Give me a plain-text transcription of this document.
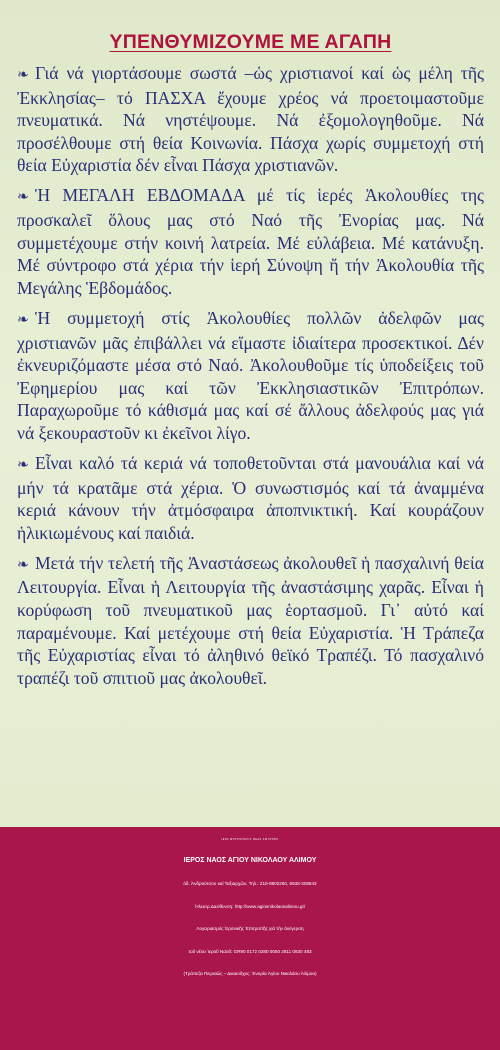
ΥΠΕΝΘΥΜΙΖΟΥΜΕ ΜΕ ΑΓΑΠΗ

❧ Γιά νά γιορτάσουμε σωστά –ὡς χριστιανοί καί ὡς μέλη τῆς Ἐκκλησίας– τό ΠΑΣΧΑ ἔχουμε χρέος νά προετοιμαστοῦμε πνευματικά. Νά νηστέψουμε. Νά ἐξομολογηθοῦμε. Νά προσέλθουμε στή θεία Κοινωνία. Πάσχα χωρίς συμμετοχή στή θεία Εὐχαριστία δέν εἶναι Πάσχα χριστιανῶν.

❧ Ἡ ΜΕΓΑΛΗ ΕΒΔΟΜΑΔΑ μέ τίς ἱερές Ἀκολουθίες της προσκαλεῖ ὅλους μας στό Ναό τῆς Ἐνορίας μας. Νά συμμετέχουμε στήν κοινή λατρεία. Μέ εὐλάβεια. Μέ κατάνυξη. Μέ σύντροφο στά χέρια τήν ἱερή Σύνοψη ἤ τήν Ἀκολουθία τῆς Μεγάλης Ἑβδομάδος.

❧ Ἡ συμμετοχή στίς Ἀκολουθίες πολλῶν ἀδελφῶν μας χριστιανῶν μᾶς ἐπιβάλλει νά εἴμαστε ἰδιαίτερα προσεκτικοί. Δέν ἐκνευριζόμαστε μέσα στό Ναό. Ἀκολουθοῦμε τίς ὑποδείξεις τοῦ Ἐφημερίου μας καί τῶν Ἐκκλησιαστικῶν Ἐπιτρόπων. Παραχωροῦμε τό κάθισμά μας καί σέ ἄλλους ἀδελφούς μας γιά νά ξεκουραστοῦν κι ἐκεῖνοι λίγο.

❧ Εἶναι καλό τά κεριά νά τοποθετοῦνται στά μανουάλια καί νά μήν τά κρατᾶμε στά χέρια. Ὁ συνωστισμός καί τά ἀναμμένα κεριά κάνουν τήν ἀτμόσφαιρα ἀποπνικτική. Καί κουράζουν ἡλικιωμένους καί παιδιά.

❧ Μετά τήν τελετή τῆς Ἀναστάσεως ἀκολουθεῖ ἡ πασχαλινή θεία Λειτουργία. Εἶναι ἡ Λειτουργία τῆς ἀναστάσιμης χαρᾶς. Εἶναι ἡ κορύφωση τοῦ πνευματικοῦ μας ἑορτασμοῦ. Γι᾽ αὐτό καί παραμένουμε. Καί μετέχουμε στή θεία Εὐχαριστία. Ἡ Τράπεζα τῆς Εὐχαριστίας εἶναι τό ἀληθινό θεϊκό Τραπέζι. Τό πασχαλινό τραπέζι τοῦ σπιτιοῦ μας ἀκολουθεῖ.

ΙΕΡΑ ΜΗΤΡΟΠΟΛΙΣ ΝΕΑΣ ΣΜΥΡΝΗΣ
ΙΕΡΟΣ ΝΑΟΣ ΑΓΙΟΥ ΝΙΚΟΛΑΟΥ ΑΛΙΜΟΥ
ὁδ. Ἀνδρούτσου καί Ταξιαρχῶν, Τηλ.: 210-9802260, 6938-308943
Ἠλεκτρ.Διεύθυνση: http://www.agiosnikolaosalimou.gr/
Λογαριασμός Ἐρανικῆς Ἐπιτροπῆς γιά τήν ἀνέγερση
τοῦ νέου Ἱεροῦ Ναοῦ: GR90 0172 0280 0050 2811 0830 483
(Τράπεζα Πειραιῶς – Δικαιοῦχος: Ἐνορία Ἁγίου Νικολάου Ἀλίμου)
